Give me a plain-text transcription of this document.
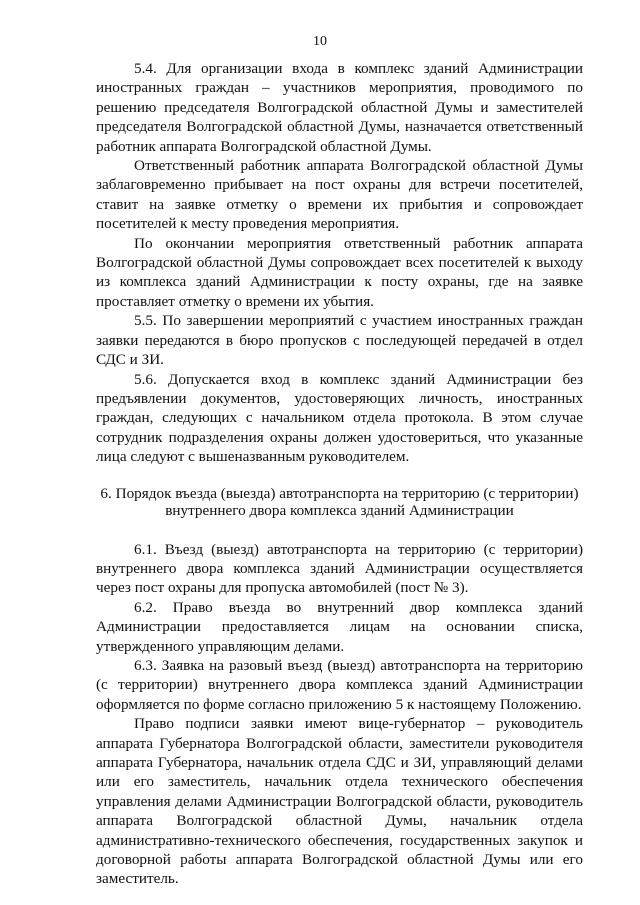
10

5.4. Для организации входа в комплекс зданий Администрации иностранных граждан – участников мероприятия, проводимого по решению председателя Волгоградской областной Думы и заместителей председателя Волгоградской областной Думы, назначается ответственный работник аппарата Волгоградской областной Думы.

Ответственный работник аппарата Волгоградской областной Думы заблаговременно прибывает на пост охраны для встречи посетителей, ставит на заявке отметку о времени их прибытия и сопровождает посетителей к месту проведения мероприятия.

По окончании мероприятия ответственный работник аппарата Волгоградской областной Думы сопровождает всех посетителей к выходу из комплекса зданий Администрации к посту охраны, где на заявке проставляет отметку о времени их убытия.

5.5. По завершении мероприятий с участием иностранных граждан заявки передаются в бюро пропусков с последующей передачей в отдел СДС и ЗИ.

5.6. Допускается вход в комплекс зданий Администрации без предъявлении документов, удостоверяющих личность, иностранных граждан, следующих с начальником отдела протокола. В этом случае сотрудник подразделения охраны должен удостовериться, что указанные лица следуют с вышеназванным руководителем.

6. Порядок въезда (выезда) автотранспорта на территорию (с территории) внутреннего двора комплекса зданий Администрации

6.1. Въезд (выезд) автотранспорта на территорию (с территории) внутреннего двора комплекса зданий Администрации осуществляется через пост охраны для пропуска автомобилей (пост № 3).

6.2. Право въезда во внутренний двор комплекса зданий Администрации предоставляется лицам на основании списка, утвержденного управляющим делами.

6.3. Заявка на разовый въезд (выезд) автотранспорта на территорию (с территории) внутреннего двора комплекса зданий Администрации оформляется по форме согласно приложению 5 к настоящему Положению.

Право подписи заявки имеют вице-губернатор – руководитель аппарата Губернатора Волгоградской области, заместители руководителя аппарата Губернатора, начальник отдела СДС и ЗИ, управляющий делами или его заместитель, начальник отдела технического обеспечения управления делами Администрации Волгоградской области, руководитель аппарата Волгоградской областной Думы, начальник отдела административно-технического обеспечения, государственных закупок и договорной работы аппарата Волгоградской областной Думы или его заместитель.
